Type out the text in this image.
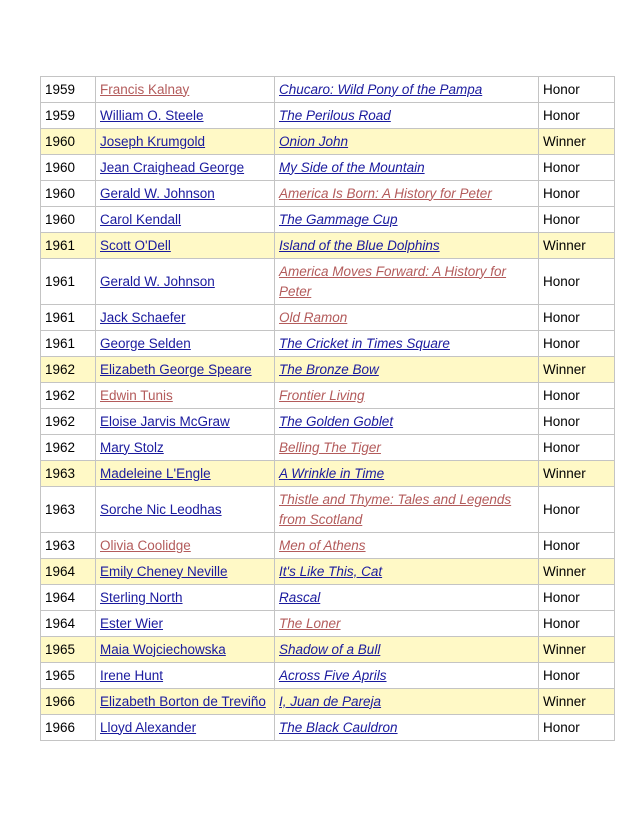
1959	Francis Kalnay	Chucaro: Wild Pony of the Pampa	Honor
1959	William O. Steele	The Perilous Road	Honor
1960	Joseph Krumgold	Onion John	Winner
1960	Jean Craighead George	My Side of the Mountain	Honor
1960	Gerald W. Johnson	America Is Born: A History for Peter	Honor
1960	Carol Kendall	The Gammage Cup	Honor
1961	Scott O'Dell	Island of the Blue Dolphins	Winner
1961	Gerald W. Johnson	America Moves Forward: A History for Peter	Honor
1961	Jack Schaefer	Old Ramon	Honor
1961	George Selden	The Cricket in Times Square	Honor
1962	Elizabeth George Speare	The Bronze Bow	Winner
1962	Edwin Tunis	Frontier Living	Honor
1962	Eloise Jarvis McGraw	The Golden Goblet	Honor
1962	Mary Stolz	Belling The Tiger	Honor
1963	Madeleine L'Engle	A Wrinkle in Time	Winner
1963	Sorche Nic Leodhas	Thistle and Thyme: Tales and Legends from Scotland	Honor
1963	Olivia Coolidge	Men of Athens	Honor
1964	Emily Cheney Neville	It's Like This, Cat	Winner
1964	Sterling North	Rascal	Honor
1964	Ester Wier	The Loner	Honor
1965	Maia Wojciechowska	Shadow of a Bull	Winner
1965	Irene Hunt	Across Five Aprils	Honor
1966	Elizabeth Borton de Treviño	I, Juan de Pareja	Winner
1966	Lloyd Alexander	The Black Cauldron	Honor
